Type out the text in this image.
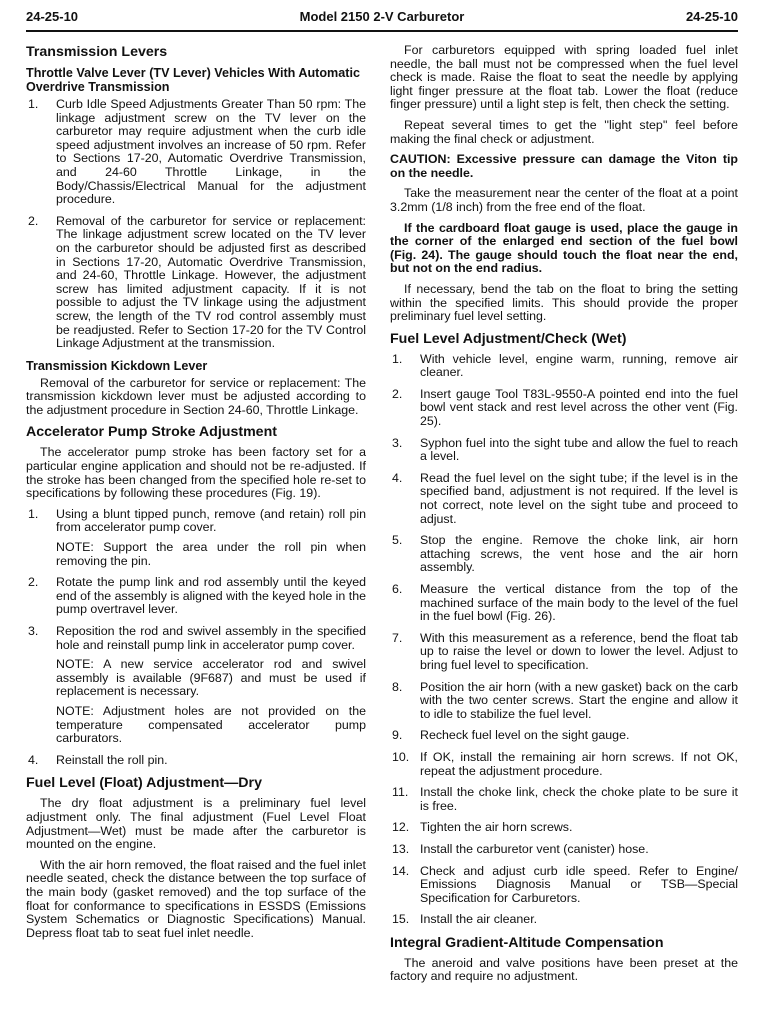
24-25-10	Model 2150 2-V Carburetor	24-25-10
Transmission Levers
Throttle Valve Lever (TV Lever) Vehicles With Automatic Overdrive Transmission
1. Curb Idle Speed Adjustments Greater Than 50 rpm: The linkage adjustment screw on the TV lever on the carburetor may require adjustment when the curb idle speed adjustment involves an increase of 50 rpm. Refer to Sections 17-20, Automatic Overdrive Transmission, and 24-60 Throttle Linkage, in the Body/Chassis/Electrical Manual for the adjustment procedure.
2. Removal of the carburetor for service or replacement: The linkage adjustment screw located on the TV lever on the carburetor should be adjusted first as described in Sections 17-20, Automatic Overdrive Transmission, and 24-60, Throttle Linkage. However, the adjustment screw has limited adjustment capacity. If it is not possible to adjust the TV linkage using the adjustment screw, the length of the TV rod control assembly must be readjusted. Refer to Section 17-20 for the TV Control Linkage Adjustment at the transmission.
Transmission Kickdown Lever

Removal of the carburetor for service or replacement: The transmission kickdown lever must be adjusted according to the adjustment procedure in Section 24-60, Throttle Linkage.

Accelerator Pump Stroke Adjustment

The accelerator pump stroke has been factory set for a particular engine application and should not be re-adjusted. If the stroke has been changed from the specified hole re-set to specifications by following these procedures (Fig. 19).

1. Using a blunt tipped punch, remove (and retain) roll pin from accelerator pump cover.
NOTE: Support the area under the roll pin when removing the pin.
2. Rotate the pump link and rod assembly until the keyed end of the assembly is aligned with the keyed hole in the pump overtravel lever.
3. Reposition the rod and swivel assembly in the specified hole and reinstall pump link in accelerator pump cover.
NOTE: A new service accelerator rod and swivel assembly is available (9F687) and must be used if replacement is necessary.
NOTE: Adjustment holes are not provided on the temperature compensated accelerator pump carburators.
4. Reinstall the roll pin.
Fuel Level (Float) Adjustment—Dry

The dry float adjustment is a preliminary fuel level adjustment only. The final adjustment (Fuel Level Float Adjustment—Wet) must be made after the carburetor is mounted on the engine.

With the air horn removed, the float raised and the fuel inlet needle seated, check the distance between the top surface of the main body (gasket removed) and the top surface of the float for conformance to specifications in ESSDS (Emissions System Schematics or Diagnostic Specifications) Manual. Depress float tab to seat fuel inlet needle.

For carburetors equipped with spring loaded fuel inlet needle, the ball must not be compressed when the fuel level check is made. Raise the float to seat the needle by applying light finger pressure at the float tab. Lower the float (reduce finger pressure) until a light step is felt, then check the setting.

Repeat several times to get the ''light step'' feel before making the final check or adjustment.

CAUTION: Excessive pressure can damage the Viton tip on the needle.

Take the measurement near the center of the float at a point 3.2mm (1/8 inch) from the free end of the float.

If the cardboard float gauge is used, place the gauge in the corner of the enlarged end section of the fuel bowl (Fig. 24). The gauge should touch the float near the end, but not on the end radius.

If necessary, bend the tab on the float to bring the setting within the specified limits. This should provide the proper preliminary fuel level setting.

Fuel Level Adjustment/Check (Wet)
1. With vehicle level, engine warm, running, remove air cleaner.
2. Insert gauge Tool T83L-9550-A pointed end into the fuel bowl vent stack and rest level across the other vent (Fig. 25).
3. Syphon fuel into the sight tube and allow the fuel to reach a level.
4. Read the fuel level on the sight tube; if the level is in the specified band, adjustment is not required. If the level is not correct, note level on the sight tube and proceed to adjust.
5. Stop the engine. Remove the choke link, air horn attaching screws, the vent hose and the air horn assembly.
6. Measure the vertical distance from the top of the machined surface of the main body to the level of the fuel in the fuel bowl (Fig. 26).
7. With this measurement as a reference, bend the float tab up to raise the level or down to lower the level. Adjust to bring fuel level to specification.
8. Position the air horn (with a new gasket) back on the carb with the two center screws. Start the engine and allow it to idle to stabilize the fuel level.
9. Recheck fuel level on the sight gauge.
10. If OK, install the remaining air horn screws. If not OK, repeat the adjustment procedure.
11. Install the choke link, check the choke plate to be sure it is free.
12. Tighten the air horn screws.
13. Install the carburetor vent (canister) hose.
14. Check and adjust curb idle speed. Refer to Engine/ Emissions Diagnosis Manual or TSB—Special Specification for Carburetors.
15. Install the air cleaner.
Integral Gradient-Altitude Compensation

The aneroid and valve positions have been preset at the factory and require no adjustment.
